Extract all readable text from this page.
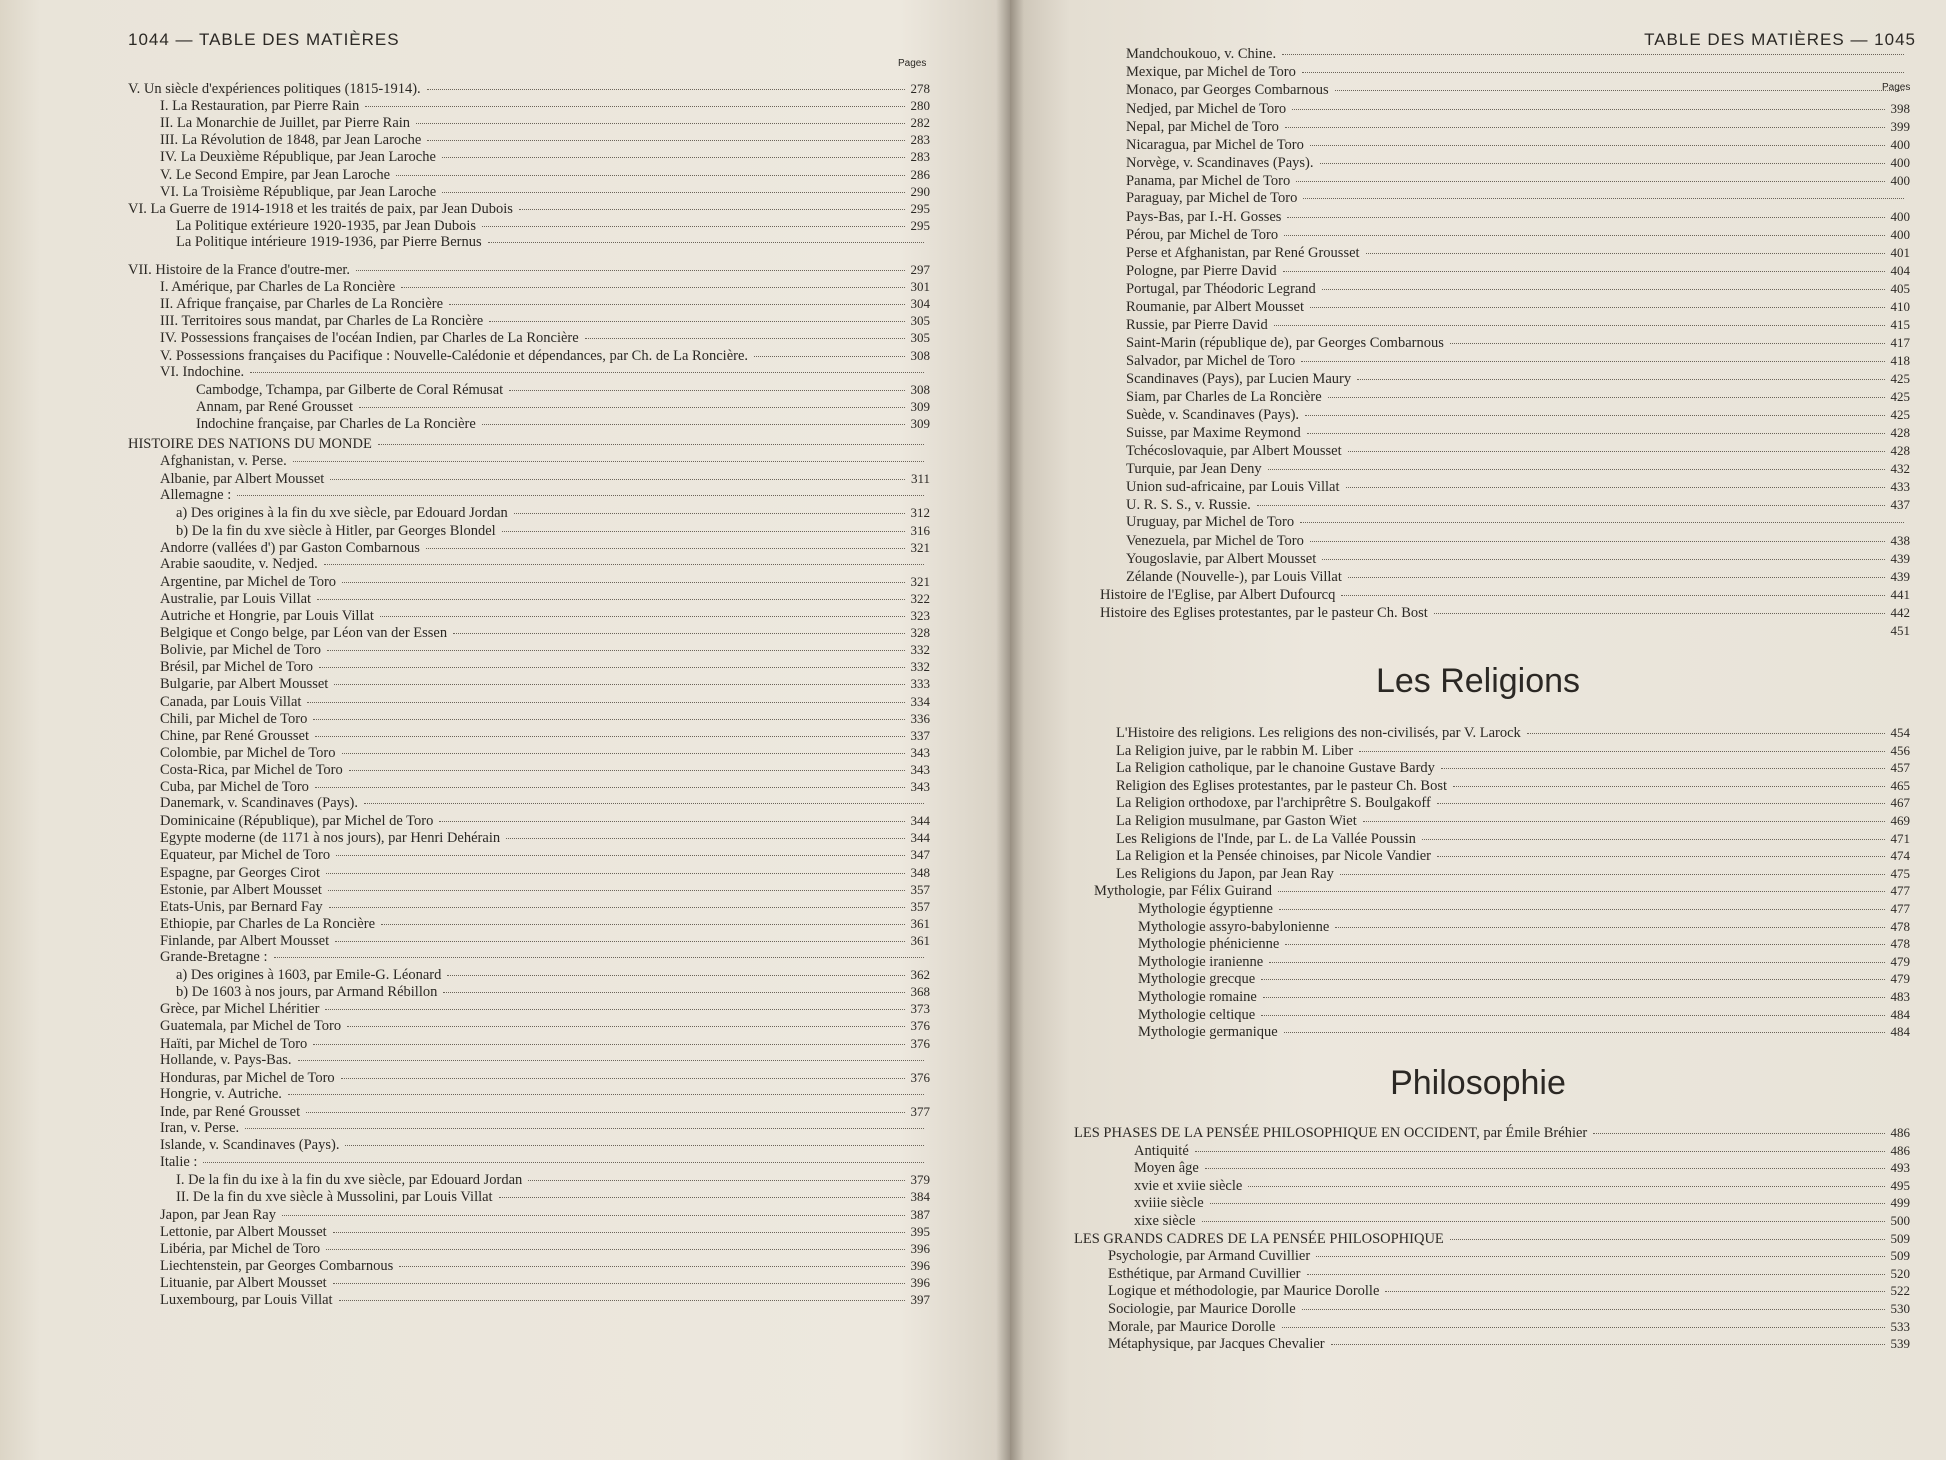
1044 — TABLE DES MATIÈRES
Pages
V. Un siècle d'expériences politiques (1815-1914).	278
I. La Restauration, par Pierre Rain	280
II. La Monarchie de Juillet, par Pierre Rain	282
III. La Révolution de 1848, par Jean Laroche	283
IV. La Deuxième République, par Jean Laroche	283
V. Le Second Empire, par Jean Laroche	286
VI. La Troisième République, par Jean Laroche	290
VI. La Guerre de 1914-1918 et les traités de paix, par Jean Dubois	295
La Politique extérieure 1920-1935, par Jean Dubois	295
La Politique intérieure 1919-1936, par Pierre Bernus
VII. Histoire de la France d'outre-mer.	297
I. Amérique, par Charles de La Roncière	301
II. Afrique française, par Charles de La Roncière	304
III. Territoires sous mandat, par Charles de La Roncière	305
IV. Possessions françaises de l'océan Indien, par Charles de La Roncière	305
V. Possessions françaises du Pacifique : Nouvelle-Calédonie et dépendances, par Ch. de La Roncière.	308
VI. Indochine.
Cambodge, Tchampa, par Gilberte de Coral Rémusat	308
Annam, par René Grousset	309
Indochine française, par Charles de La Roncière	309
HISTOIRE DES NATIONS DU MONDE
Afghanistan, v. Perse.
Albanie, par Albert Mousset	311
Allemagne :
a) Des origines à la fin du xve siècle, par Edouard Jordan	312
b) De la fin du xve siècle à Hitler, par Georges Blondel	316
Andorre (vallées d') par Gaston Combarnous	321
Arabie saoudite, v. Nedjed.
Argentine, par Michel de Toro	321
Australie, par Louis Villat	322
Autriche et Hongrie, par Louis Villat	323
Belgique et Congo belge, par Léon van der Essen	328
Bolivie, par Michel de Toro	332
Brésil, par Michel de Toro	332
Bulgarie, par Albert Mousset	333
Canada, par Louis Villat	334
Chili, par Michel de Toro	336
Chine, par René Grousset	337
Colombie, par Michel de Toro	343
Costa-Rica, par Michel de Toro	343
Cuba, par Michel de Toro	343
Danemark, v. Scandinaves (Pays).
Dominicaine (République), par Michel de Toro	344
Egypte moderne (de 1171 à nos jours), par Henri Dehérain	344
Equateur, par Michel de Toro	347
Espagne, par Georges Cirot	348
Estonie, par Albert Mousset	357
Etats-Unis, par Bernard Fay	357
Ethiopie, par Charles de La Roncière	361
Finlande, par Albert Mousset	361
Grande-Bretagne :
a) Des origines à 1603, par Emile-G. Léonard	362
b) De 1603 à nos jours, par Armand Rébillon	368
Grèce, par Michel Lhéritier	373
Guatemala, par Michel de Toro	376
Haïti, par Michel de Toro	376
Hollande, v. Pays-Bas.
Honduras, par Michel de Toro	376
Hongrie, v. Autriche.
Inde, par René Grousset	377
Iran, v. Perse.
Islande, v. Scandinaves (Pays).
Italie :
I. De la fin du ixe à la fin du xve siècle, par Edouard Jordan	379
II. De la fin du xve siècle à Mussolini, par Louis Villat	384
Japon, par Jean Ray	387
Lettonie, par Albert Mousset	395
Libéria, par Michel de Toro	396
Liechtenstein, par Georges Combarnous	396
Lituanie, par Albert Mousset	396
Luxembourg, par Louis Villat	397
TABLE DES MATIÈRES — 1045
Pages
Mandchoukouo, v. Chine.
Mexique, par Michel de Toro
Monaco, par Georges Combarnous
Nedjed, par Michel de Toro	398
Nepal, par Michel de Toro	399
Nicaragua, par Michel de Toro	400
Norvège, v. Scandinaves (Pays).	400
Panama, par Michel de Toro	400
Paraguay, par Michel de Toro
Pays-Bas, par I.-H. Gosses	400
Pérou, par Michel de Toro	400
Perse et Afghanistan, par René Grousset	401
Pologne, par Pierre David	404
Portugal, par Théodoric Legrand	405
Roumanie, par Albert Mousset	410
Russie, par Pierre David	415
Saint-Marin (république de), par Georges Combarnous	417
Salvador, par Michel de Toro	418
Scandinaves (Pays), par Lucien Maury	425
Siam, par Charles de La Roncière	425
Suède, v. Scandinaves (Pays).	425
Suisse, par Maxime Reymond	428
Tchécoslovaquie, par Albert Mousset	428
Turquie, par Jean Deny	432
Union sud-africaine, par Louis Villat	433
U. R. S. S., v. Russie.	437
Uruguay, par Michel de Toro
Venezuela, par Michel de Toro	438
Yougoslavie, par Albert Mousset	439
Zélande (Nouvelle-), par Louis Villat	439
Histoire de l'Eglise, par Albert Dufourcq	441
Histoire des Eglises protestantes, par le pasteur Ch. Bost	442
451
Les Religions
L'Histoire des religions. Les religions des non-civilisés, par V. Larock	454
La Religion juive, par le rabbin M. Liber	456
La Religion catholique, par le chanoine Gustave Bardy	457
Religion des Eglises protestantes, par le pasteur Ch. Bost	465
La Religion orthodoxe, par l'archiprêtre S. Boulgakoff	467
La Religion musulmane, par Gaston Wiet	469
Les Religions de l'Inde, par L. de La Vallée Poussin	471
La Religion et la Pensée chinoises, par Nicole Vandier	474
Les Religions du Japon, par Jean Ray	475
Mythologie, par Félix Guirand	477
Mythologie égyptienne	477
Mythologie assyro-babylonienne	478
Mythologie phénicienne	478
Mythologie iranienne	479
Mythologie grecque	479
Mythologie romaine	483
Mythologie celtique	484
Mythologie germanique	484
Philosophie
LES PHASES DE LA PENSÉE PHILOSOPHIQUE EN OCCIDENT, par Émile Bréhier	486
Antiquité	486
Moyen âge	493
xvie et xviie siècle	495
xviiie siècle	499
xixe siècle	500
LES GRANDS CADRES DE LA PENSÉE PHILOSOPHIQUE	509
Psychologie, par Armand Cuvillier	509
Esthétique, par Armand Cuvillier	520
Logique et méthodologie, par Maurice Dorolle	522
Sociologie, par Maurice Dorolle	530
Morale, par Maurice Dorolle	533
Métaphysique, par Jacques Chevalier	539
